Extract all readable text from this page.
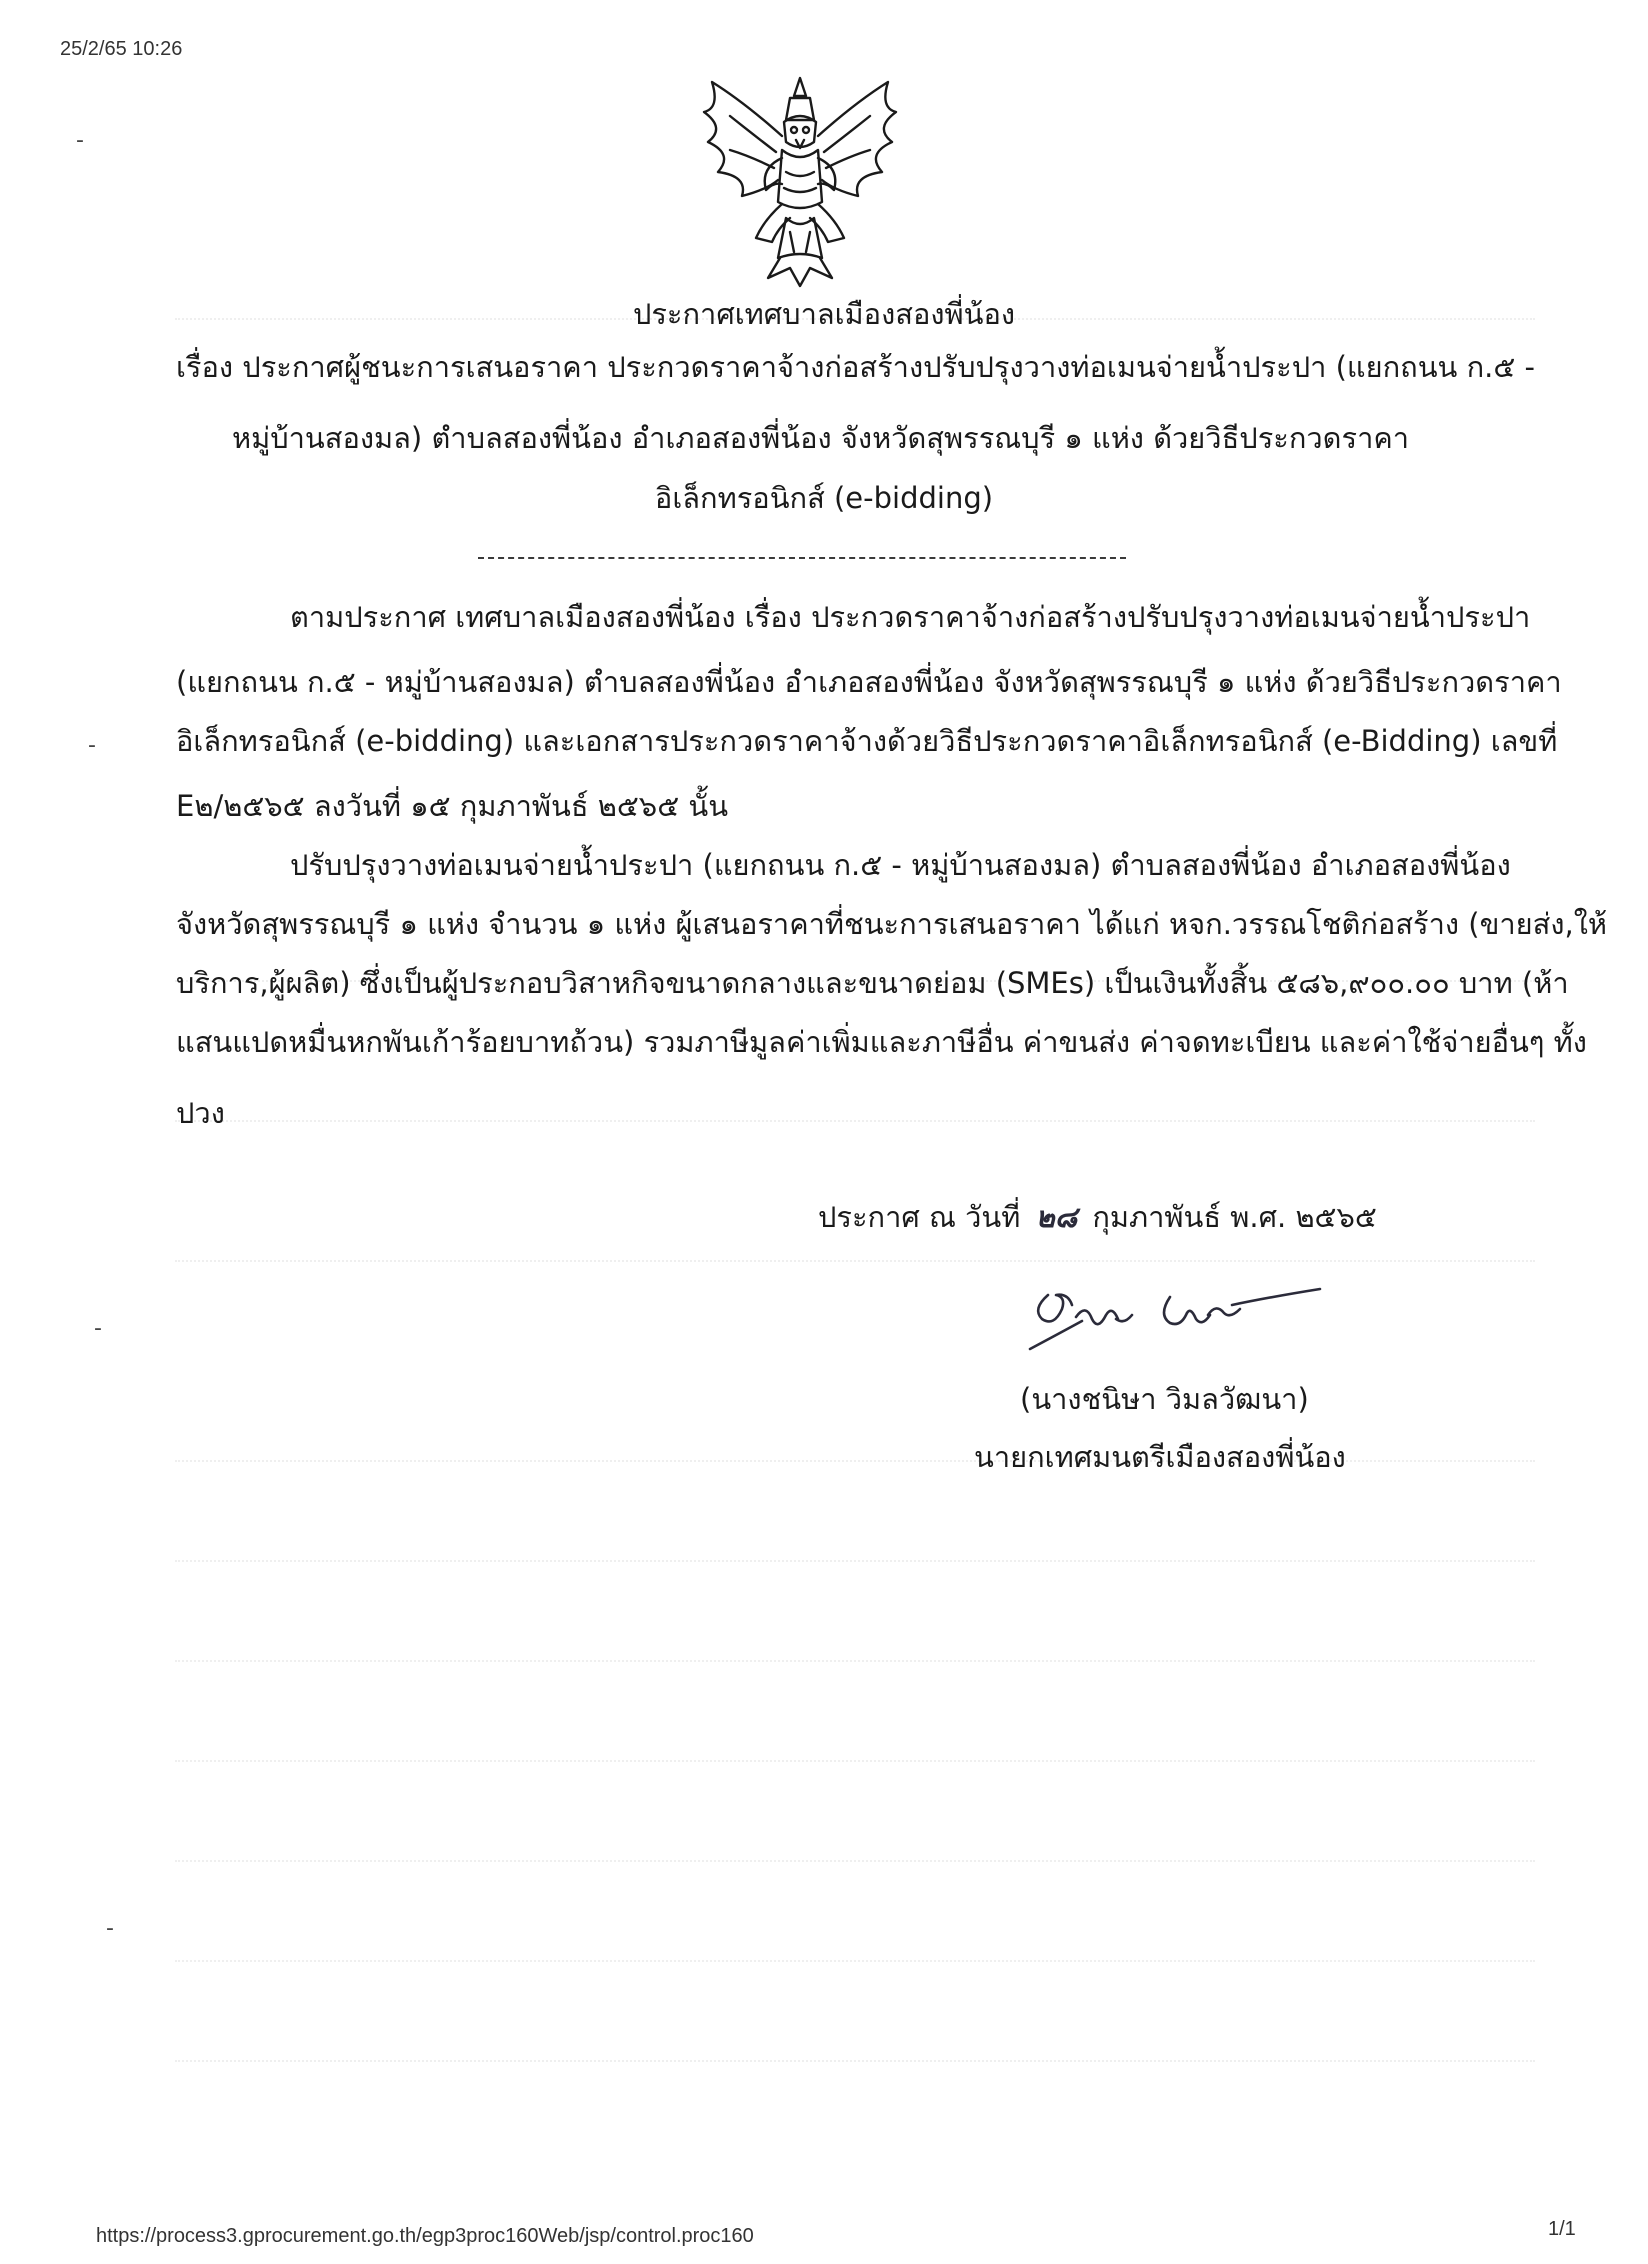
25/2/65 10:26
-
-
-
-
ประกาศเทศบาลเมืองสองพี่น้อง
เรื่อง ประกาศผู้ชนะการเสนอราคา ประกวดราคาจ้างก่อสร้างปรับปรุงวางท่อเมนจ่ายน้ำประปา (แยกถนน ก.๕ -
หมู่บ้านสองมล) ตำบลสองพี่น้อง อำเภอสองพี่น้อง จังหวัดสุพรรณบุรี ๑ แห่ง ด้วยวิธีประกวดราคา
อิเล็กทรอนิกส์ (e-bidding)
ตามประกาศ เทศบาลเมืองสองพี่น้อง เรื่อง ประกวดราคาจ้างก่อสร้างปรับปรุงวางท่อเมนจ่ายน้ำประปา
(แยกถนน ก.๕ - หมู่บ้านสองมล) ตำบลสองพี่น้อง อำเภอสองพี่น้อง จังหวัดสุพรรณบุรี ๑ แห่ง ด้วยวิธีประกวดราคา
อิเล็กทรอนิกส์ (e-bidding) และเอกสารประกวดราคาจ้างด้วยวิธีประกวดราคาอิเล็กทรอนิกส์ (e-Bidding) เลขที่
E๒/๒๕๖๕ ลงวันที่ ๑๕ กุมภาพันธ์ ๒๕๖๕ นั้น
ปรับปรุงวางท่อเมนจ่ายน้ำประปา (แยกถนน ก.๕ - หมู่บ้านสองมล) ตำบลสองพี่น้อง อำเภอสองพี่น้อง
จังหวัดสุพรรณบุรี ๑ แห่ง จำนวน ๑ แห่ง ผู้เสนอราคาที่ชนะการเสนอราคา ได้แก่ หจก.วรรณโชติก่อสร้าง (ขายส่ง,ให้
บริการ,ผู้ผลิต) ซึ่งเป็นผู้ประกอบวิสาหกิจขนาดกลางและขนาดย่อม (SMEs) เป็นเงินทั้งสิ้น ๕๘๖,๙๐๐.๐๐ บาท (ห้า
แสนแปดหมื่นหกพันเก้าร้อยบาทถ้วน) รวมภาษีมูลค่าเพิ่มและภาษีอื่น ค่าขนส่ง ค่าจดทะเบียน และค่าใช้จ่ายอื่นๆ ทั้ง
ปวง
ประกาศ ณ วันที่ ๒๘ กุมภาพันธ์ พ.ศ. ๒๕๖๕
(นางชนิษา วิมลวัฒนา)
นายกเทศมนตรีเมืองสองพี่น้อง
https://process3.gprocurement.go.th/egp3proc160Web/jsp/control.proc160	1/1
